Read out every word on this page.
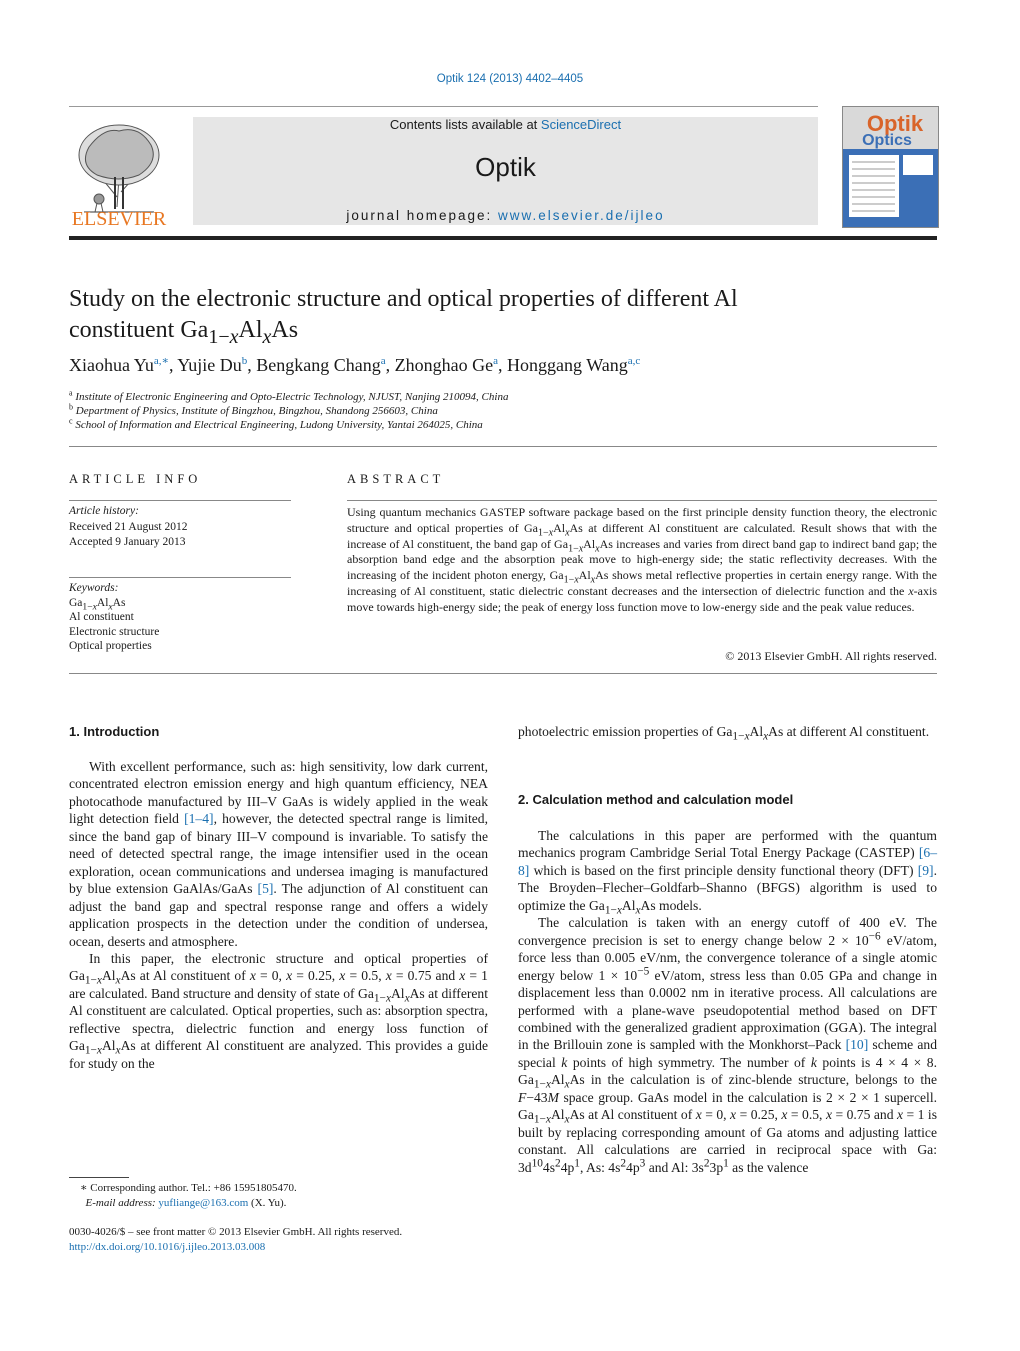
Optik 124 (2013) 4402–4405
ELSEVIER
Contents lists available at ScienceDirect
Optik
journal homepage: www.elsevier.de/ijleo
Optik
Optics
Study on the electronic structure and optical properties of different Al
constituent $Ga_{1-x}Al_xAs$
Xiaohua $Yu^{a,∗}$, Yujie Du$^b$, Bengkang Chang$^a$, Zhonghao Ge$^a$, Honggang Wang$^{a,c}$
$^a$ Institute of Electronic Engineering and Opto-Electric Technology, NJUST, Nanjing 210094, China
$^b$ Department of Physics, Institute of Bingzhou, Bingzhou, Shandong 256603, China
$^c$ School of Information and Electrical Engineering, Ludong University, Yantai 264025, China
ARTICLE INFO
Article history:
Received 21 August 2012
Accepted 9 January 2013
Keywords:
$Ga_{1-x}Al_xAs$
Al constituent
Electronic structure
Optical properties
ABSTRACT
Using quantum mechanics GASTEP software package based on the first principle density function theory, the electronic structure and optical properties of $Ga_{1-x}Al_xAs$ at different Al constituent are calculated. Result shows that with the increase of Al constituent, the band gap of $Ga_{1-x}Al_xAs$ increases and varies from direct band gap to indirect band gap; the absorption band edge and the absorption peak move to high-energy side; the static reflectivity decreases. With the increasing of the incident photon energy, $Ga_{1-x}Al_xAs$ shows metal reflective properties in certain energy range. With the increasing of Al constituent, static dielectric constant decreases and the intersection of dielectric function and the x-axis move towards high-energy side; the peak of energy loss function move to low-energy side and the peak value reduces.
© 2013 Elsevier GmbH. All rights reserved.
1. Introduction

With excellent performance, such as: high sensitivity, low dark current, concentrated electron emission energy and high quantum efficiency, NEA photocathode manufactured by III–V GaAs is widely applied in the weak light detection field [1–4], however, the detected spectral range is limited, since the band gap of binary III–V compound is invariable. To satisfy the need of detected spectral range, the image intensifier used in the ocean exploration, ocean communications and undersea imaging is manufactured by blue extension GaAlAs/GaAs [5]. The adjunction of Al constituent can adjust the band gap and spectral response range and offers a widely application prospects in the detection under the condition of undersea, ocean, deserts and atmosphere.

In this paper, the electronic structure and optical properties of $Ga_{1-x}Al_xAs$ at Al constituent of x = 0, x = 0.25, x = 0.5, x = 0.75 and x = 1 are calculated. Band structure and density of state of $Ga_{1-x}Al_xAs$ at different Al constituent are calculated. Optical properties, such as: absorption spectra, reflective spectra, dielectric function and energy loss function of $Ga_{1-x}Al_xAs$ at different Al constituent are analyzed. This provides a guide for study on the

photoelectric emission properties of $Ga_{1-x}Al_xAs$ at different Al constituent.

2. Calculation method and calculation model

The calculations in this paper are performed with the quantum mechanics program Cambridge Serial Total Energy Package (CASTEP) [6–8] which is based on the first principle density functional theory (DFT) [9]. The Broyden–Flecher–Goldfarb–Shanno (BFGS) algorithm is used to optimize the $Ga_{1-x}Al_xAs$ models.

The calculation is taken with an energy cutoff of 400 eV. The convergence precision is set to energy change below $2 \times 10^{-6}$ eV/atom, force less than 0.005 eV/nm, the convergence tolerance of a single atomic energy below $1 \times 10^{-5}$ eV/atom, stress less than 0.05 GPa and change in displacement less than 0.0002 nm in iterative process. All calculations are performed with a plane-wave pseudopotential method based on DFT combined with the generalized gradient approximation (GGA). The integral in the Brillouin zone is sampled with the Monkhorst–Pack [10] scheme and special k points of high symmetry. The number of k points is 4 × 4 × 8. $Ga_{1-x}Al_xAs$ in the calculation is of zinc-blende structure, belongs to the F−43M space group. GaAs model in the calculation is 2 × 2 × 1 supercell. $Ga_{1-x}Al_xAs$ at Al constituent of x = 0, x = 0.25, x = 0.5, x = 0.75 and x = 1 is built by replacing corresponding amount of Ga atoms and adjusting lattice constant. All calculations are carried in reciprocal space with Ga: $3d^{10}4s^24p^1$, As: $4s^24p^3$ and Al: $3s^23p^1$ as the valence

∗ Corresponding author. Tel.: +86 15951805470.
E-mail address: yufliange@163.com (X. Yu).
0030-4026/$ – see front matter © 2013 Elsevier GmbH. All rights reserved.
http://dx.doi.org/10.1016/j.ijleo.2013.03.008
